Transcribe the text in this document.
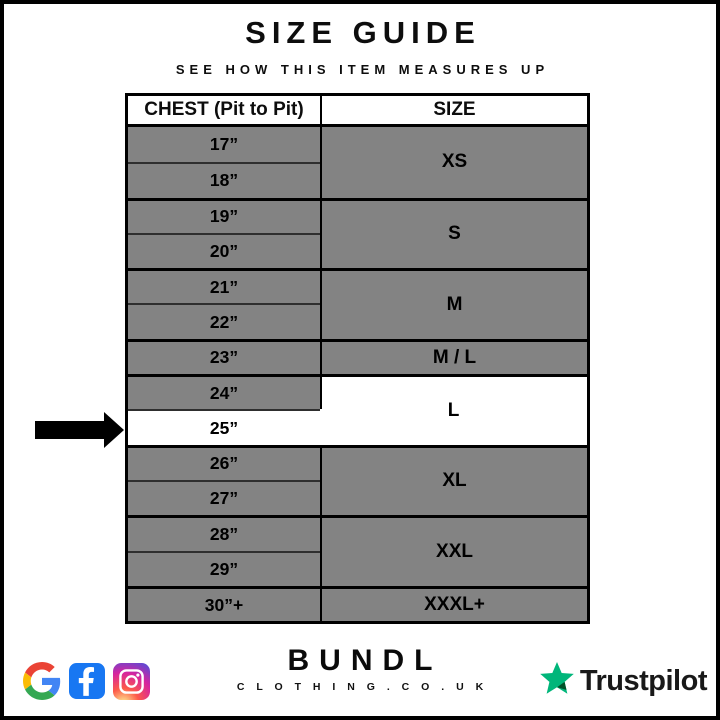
SIZE GUIDE
SEE HOW THIS ITEM MEASURES UP
CHEST (Pit to Pit)	SIZE
17”
18”
19”
20”
21”
22”
23”
24”
25”
26”
27”
28”
29”
30”+
XS
S
M
M / L
L
XL
XXL
XXXL+
BUNDL
C L O T H I N G . C O . U K	Trustpilot
